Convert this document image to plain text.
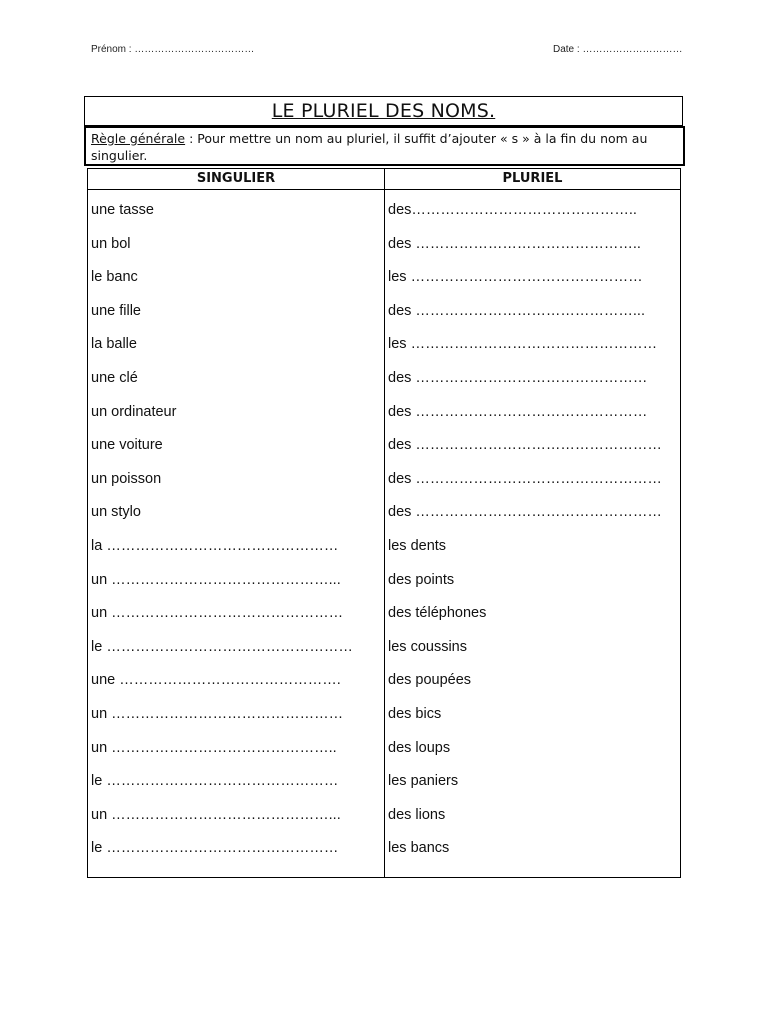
Prénom : ………………………………	Date : …………………………
LE PLURIEL DES NOMS.
Règle générale : Pour mettre un nom au pluriel, il suffit d’ajouter « s » à la fin du nom au singulier.
SINGULIER	PLURIEL
une tasse	des………………………………………..
un bol	des ………………………………………..
le banc	les …………………………………………
une fille	des ………………………………………...
la balle	les ……………………………………………
une clé	des …………………………………………
un ordinateur	des …………………………………………
une voiture	des ……………………………………………
un poisson	des ……………………………………………
un stylo	des ……………………………………………
la …………………………………………	les dents
un ………………………………………...	des points
un …………………………………………	des téléphones
le …………………………………………… les coussins
une ……………………………………….	des poupées
un …………………………………………	des bics
un ………………………………………..	des loups
le …………………………………………	les paniers
un ………………………………………...	des lions
le …………………………………………	les bancs
